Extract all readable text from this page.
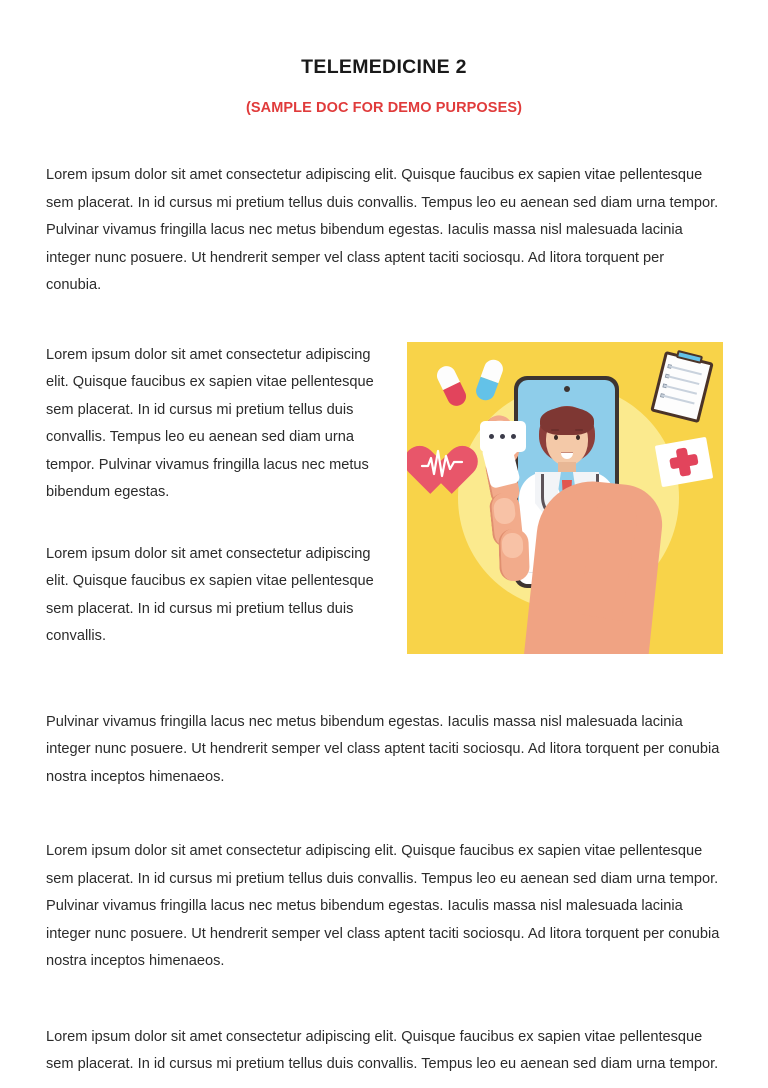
TELEMEDICINE 2
(SAMPLE DOC FOR DEMO PURPOSES)

Lorem ipsum dolor sit amet consectetur adipiscing elit. Quisque faucibus ex sapien vitae pellentesque sem placerat. In id cursus mi pretium tellus duis convallis. Tempus leo eu aenean sed diam urna tempor. Pulvinar vivamus fringilla lacus nec metus bibendum egestas. Iaculis massa nisl malesuada lacinia integer nunc posuere. Ut hendrerit semper vel class aptent taciti sociosqu. Ad litora torquent per conubia.

Lorem ipsum dolor sit amet consectetur adipiscing elit. Quisque faucibus ex sapien vitae pellentesque sem placerat. In id cursus mi pretium tellus duis convallis. Tempus leo eu aenean sed diam urna tempor. Pulvinar vivamus fringilla lacus nec metus bibendum egestas.

Lorem ipsum dolor sit amet consectetur adipiscing elit. Quisque faucibus ex sapien vitae pellentesque sem placerat. In id cursus mi pretium tellus duis convallis.

Pulvinar vivamus fringilla lacus nec metus bibendum egestas. Iaculis massa nisl malesuada lacinia integer nunc posuere. Ut hendrerit semper vel class aptent taciti sociosqu. Ad litora torquent per conubia nostra inceptos himenaeos.

Lorem ipsum dolor sit amet consectetur adipiscing elit. Quisque faucibus ex sapien vitae pellentesque sem placerat. In id cursus mi pretium tellus duis convallis. Tempus leo eu aenean sed diam urna tempor. Pulvinar vivamus fringilla lacus nec metus bibendum egestas. Iaculis massa nisl malesuada lacinia integer nunc posuere. Ut hendrerit semper vel class aptent taciti sociosqu. Ad litora torquent per conubia nostra inceptos himenaeos.

Lorem ipsum dolor sit amet consectetur adipiscing elit. Quisque faucibus ex sapien vitae pellentesque sem placerat. In id cursus mi pretium tellus duis convallis. Tempus leo eu aenean sed diam urna tempor.
